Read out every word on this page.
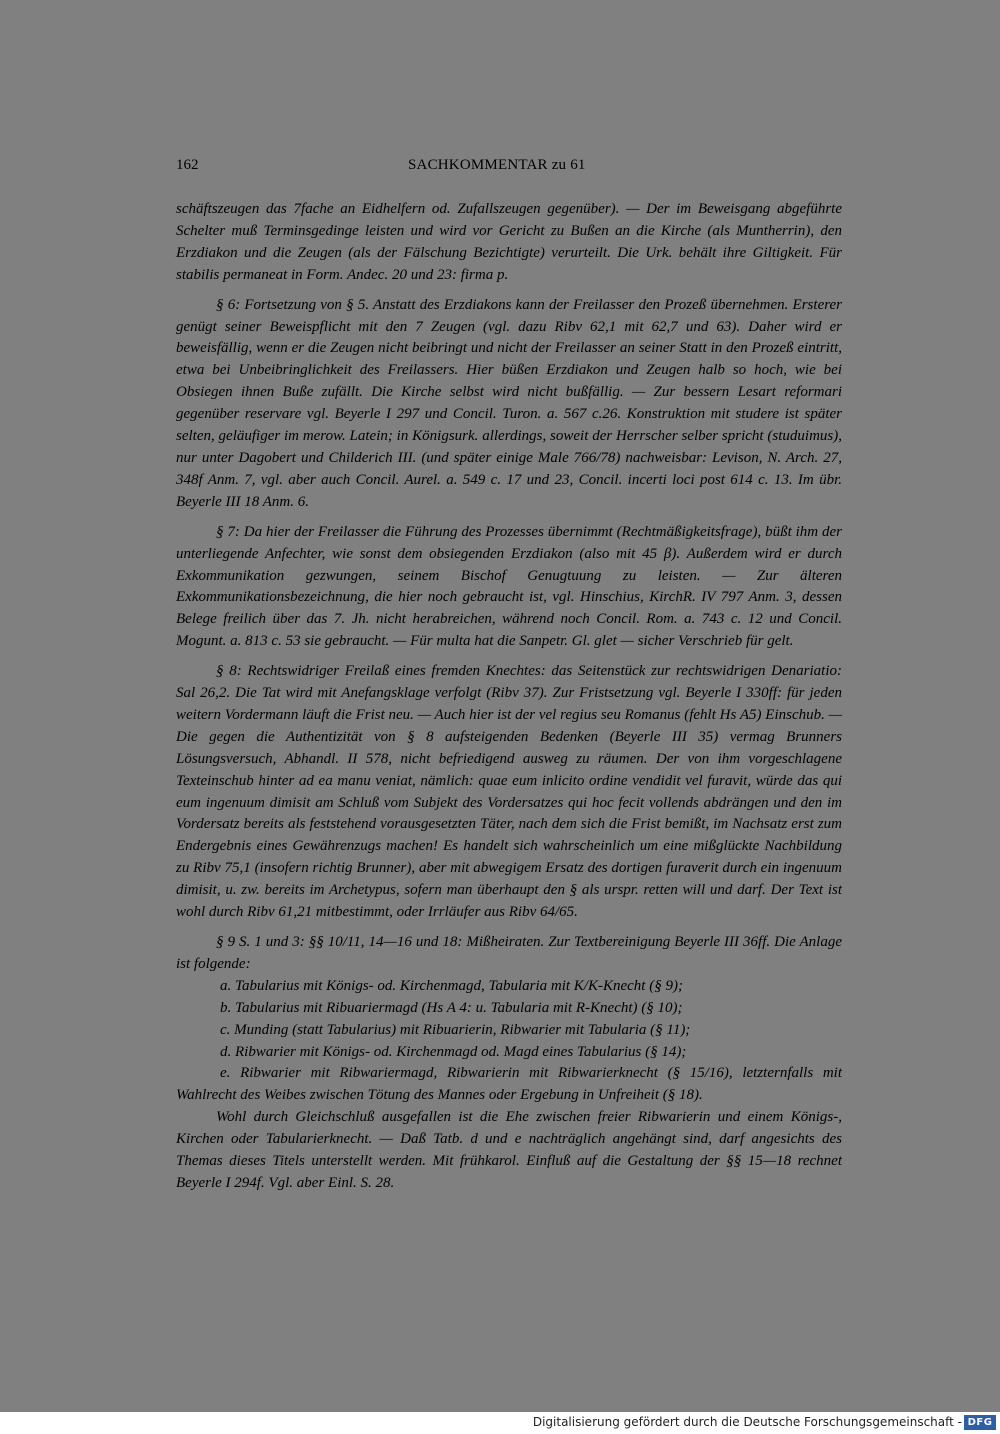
162	SACHKOMMENTAR zu 61

schäftszeugen das 7fache an Eidhelfern od. Zufallszeugen gegenüber). — Der im Beweisgang abgeführte Schelter muß Terminsgedinge leisten und wird vor Gericht zu Bußen an die Kirche (als Muntherrin), den Erzdiakon und die Zeugen (als der Fälschung Bezichtigte) verurteilt. Die Urk. behält ihre Giltigkeit. Für stabilis permaneat in Form. Andec. 20 und 23: firma p.

§ 6: Fortsetzung von § 5. Anstatt des Erzdiakons kann der Freilasser den Prozeß übernehmen. Ersterer genügt seiner Beweispflicht mit den 7 Zeugen (vgl. dazu Ribv 62,1 mit 62,7 und 63). Daher wird er beweisfällig, wenn er die Zeugen nicht beibringt und nicht der Freilasser an seiner Statt in den Prozeß eintritt, etwa bei Unbeibringlichkeit des Freilassers. Hier büßen Erzdiakon und Zeugen halb so hoch, wie bei Obsiegen ihnen Buße zufällt. Die Kirche selbst wird nicht bußfällig. — Zur bessern Lesart reformari gegenüber reservare vgl. Beyerle I 297 und Concil. Turon. a. 567 c.26. Konstruktion mit studere ist später selten, geläufiger im merow. Latein; in Königsurk. allerdings, soweit der Herrscher selber spricht (studuimus), nur unter Dagobert und Childerich III. (und später einige Male 766/78) nachweisbar: Levison, N. Arch. 27, 348f Anm. 7, vgl. aber auch Concil. Aurel. a. 549 c. 17 und 23, Concil. incerti loci post 614 c. 13. Im übr. Beyerle III 18 Anm. 6.

§ 7: Da hier der Freilasser die Führung des Prozesses übernimmt (Rechtmäßigkeitsfrage), büßt ihm der unterliegende Anfechter, wie sonst dem obsiegenden Erzdiakon (also mit 45 β). Außerdem wird er durch Exkommunikation gezwungen, seinem Bischof Genugtuung zu leisten. — Zur älteren Exkommunikationsbezeichnung, die hier noch gebraucht ist, vgl. Hinschius, KirchR. IV 797 Anm. 3, dessen Belege freilich über das 7. Jh. nicht herabreichen, während noch Concil. Rom. a. 743 c. 12 und Concil. Mogunt. a. 813 c. 53 sie gebraucht. — Für multa hat die Sanpetr. Gl. glet — sicher Verschrieb für gelt.

§ 8: Rechtswidriger Freilaß eines fremden Knechtes: das Seitenstück zur rechtswidrigen Denariatio: Sal 26,2. Die Tat wird mit Anefangsklage verfolgt (Ribv 37). Zur Fristsetzung vgl. Beyerle I 330ff: für jeden weitern Vordermann läuft die Frist neu. — Auch hier ist der vel regius seu Romanus (fehlt Hs A5) Einschub. — Die gegen die Authentizität von § 8 aufsteigenden Bedenken (Beyerle III 35) vermag Brunners Lösungsversuch, Abhandl. II 578, nicht befriedigend ausweg zu räumen. Der von ihm vorgeschlagene Texteinschub hinter ad ea manu veniat, nämlich: quae eum inlicito ordine vendidit vel furavit, würde das qui eum ingenuum dimisit am Schluß vom Subjekt des Vordersatzes qui hoc fecit vollends abdrängen und den im Vordersatz bereits als feststehend vorausgesetzten Täter, nach dem sich die Frist bemißt, im Nachsatz erst zum Endergebnis eines Gewährenzugs machen! Es handelt sich wahrscheinlich um eine mißglückte Nachbildung zu Ribv 75,1 (insofern richtig Brunner), aber mit abwegigem Ersatz des dortigen furaverit durch ein ingenuum dimisit, u. zw. bereits im Archetypus, sofern man überhaupt den § als urspr. retten will und darf. Der Text ist wohl durch Ribv 61,21 mitbestimmt, oder Irrläufer aus Ribv 64/65.

§ 9 S. 1 und 3: §§ 10/11, 14—16 und 18: Mißheiraten. Zur Textbereinigung Beyerle III 36ff. Die Anlage ist folgende:

a. Tabularius mit Königs- od. Kirchenmagd, Tabularia mit K/K-Knecht (§ 9);
b. Tabularius mit Ribuariermagd (Hs A 4: u. Tabularia mit R-Knecht) (§ 10);
c. Munding (statt Tabularius) mit Ribuarierin, Ribwarier mit Tabularia (§ 11);
d. Ribwarier mit Königs- od. Kirchenmagd od. Magd eines Tabularius (§ 14);
e. Ribwarier mit Ribwariermagd, Ribwarierin mit Ribwarierknecht (§ 15/16), letzternfalls mit Wahlrecht des Weibes zwischen Tötung des Mannes oder Ergebung in Unfreiheit (§ 18).

Wohl durch Gleichschluß ausgefallen ist die Ehe zwischen freier Ribwarierin und einem Königs-, Kirchen oder Tabularierknecht. — Daß Tatb. d und e nachträglich angehängt sind, darf angesichts des Themas dieses Titels unterstellt werden. Mit frühkarol. Einfluß auf die Gestaltung der §§ 15—18 rechnet Beyerle I 294f. Vgl. aber Einl. S. 28.

Digitalisierung gefördert durch die Deutsche Forschungsgemeinschaft - DFG
